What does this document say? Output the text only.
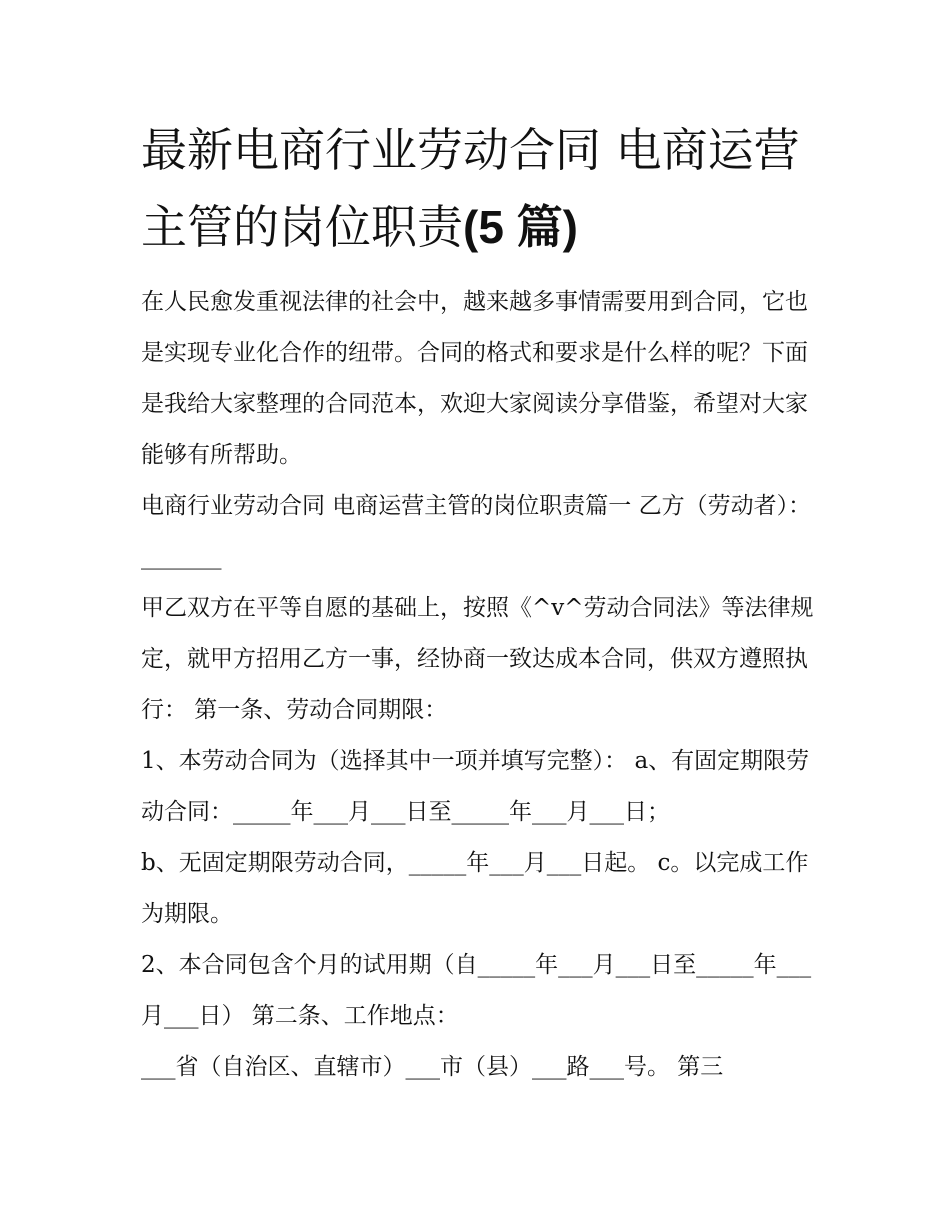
最新电商行业劳动合同 电商运营主管的岗位职责(5 篇)

在人民愈发重视法律的社会中，越来越多事情需要用到合同，它也是实现专业化合作的纽带。合同的格式和要求是什么样的呢？下面是我给大家整理的合同范本，欢迎大家阅读分享借鉴，希望对大家能够有所帮助。

电商行业劳动合同 电商运营主管的岗位职责篇一 乙方（劳动者）：_______

甲乙双方在平等自愿的基础上，按照《^v^劳动合同法》等法律规定，就甲方招用乙方一事，经协商一致达成本合同，供双方遵照执行： 第一条、劳动合同期限：

1、本劳动合同为（选择其中一项并填写完整）： a、有固定期限劳动合同：_____年___月___日至_____年___月___日；

b、无固定期限劳动合同，_____年___月___日起。 c。以完成工作为期限。

2、本合同包含个月的试用期（自_____年___月___日至_____年___月___日） 第二条、工作地点：

___省（自治区、直辖市）___市（县）___路___号。 第三
